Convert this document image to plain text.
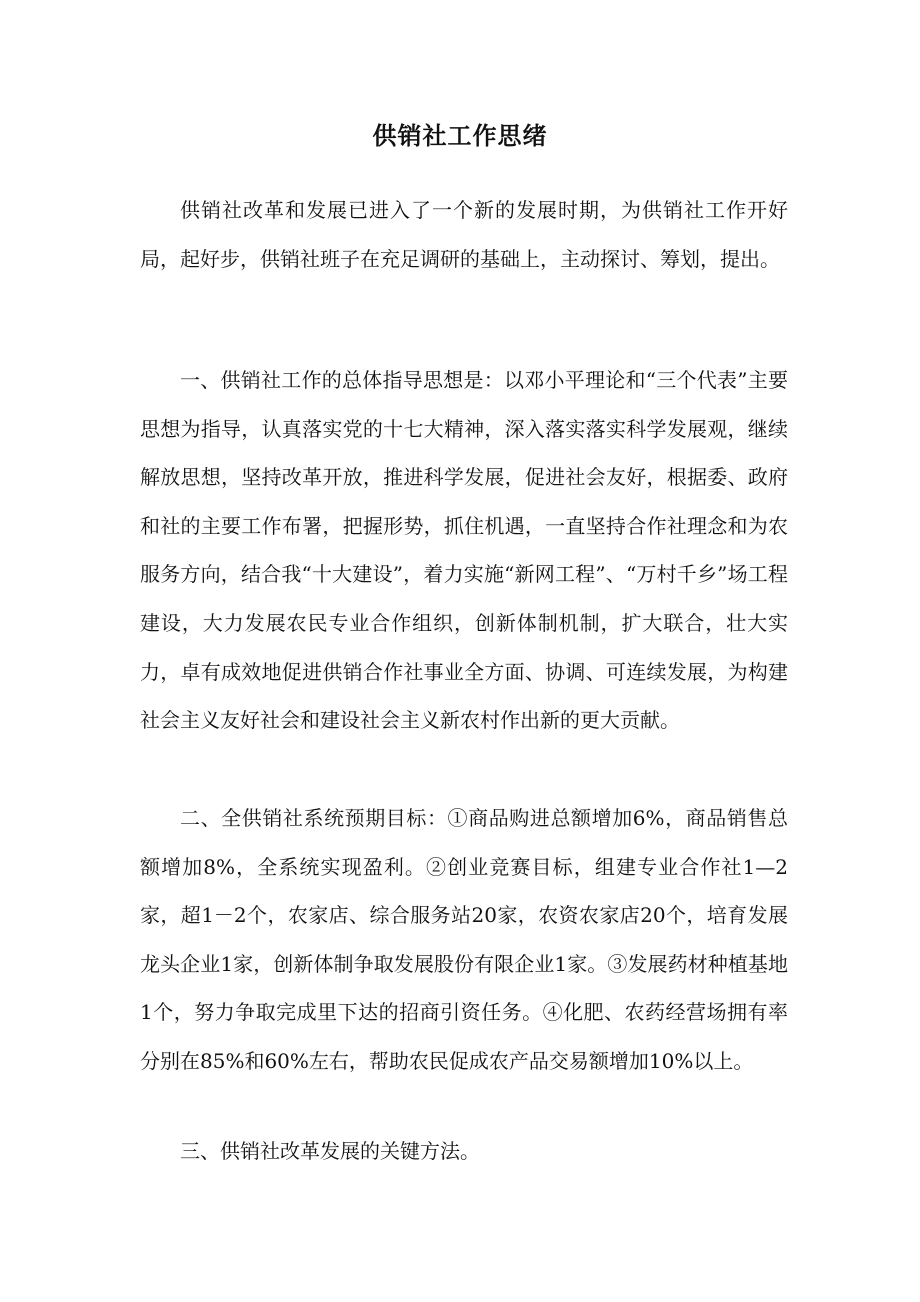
供销社工作思绪

供销社改革和发展已进入了一个新的发展时期，为供销社工作开好局，起好步，供销社班子在充足调研的基础上，主动探讨、筹划，提出。

一、供销社工作的总体指导思想是：以邓小平理论和“三个代表”主要思想为指导，认真落实党的十七大精神，深入落实落实科学发展观，继续解放思想，坚持改革开放，推进科学发展，促进社会友好，根据委、政府和社的主要工作布署，把握形势，抓住机遇，一直坚持合作社理念和为农服务方向，结合我“十大建设”，着力实施“新网工程”、“万村千乡”场工程建设，大力发展农民专业合作组织，创新体制机制，扩大联合，壮大实力，卓有成效地促进供销合作社事业全方面、协调、可连续发展，为构建社会主义友好社会和建设社会主义新农村作出新的更大贡献。

二、全供销社系统预期目标：①商品购进总额增加6%，商品销售总额增加8%，全系统实现盈利。②创业竞赛目标，组建专业合作社1—2家，超1－2个，农家店、综合服务站20家，农资农家店20个，培育发展龙头企业1家，创新体制争取发展股份有限企业1家。③发展药材种植基地1个，努力争取完成里下达的招商引资任务。④化肥、农药经营场拥有率分别在85%和60%左右，帮助农民促成农产品交易额增加10%以上。

三、供销社改革发展的关键方法。
